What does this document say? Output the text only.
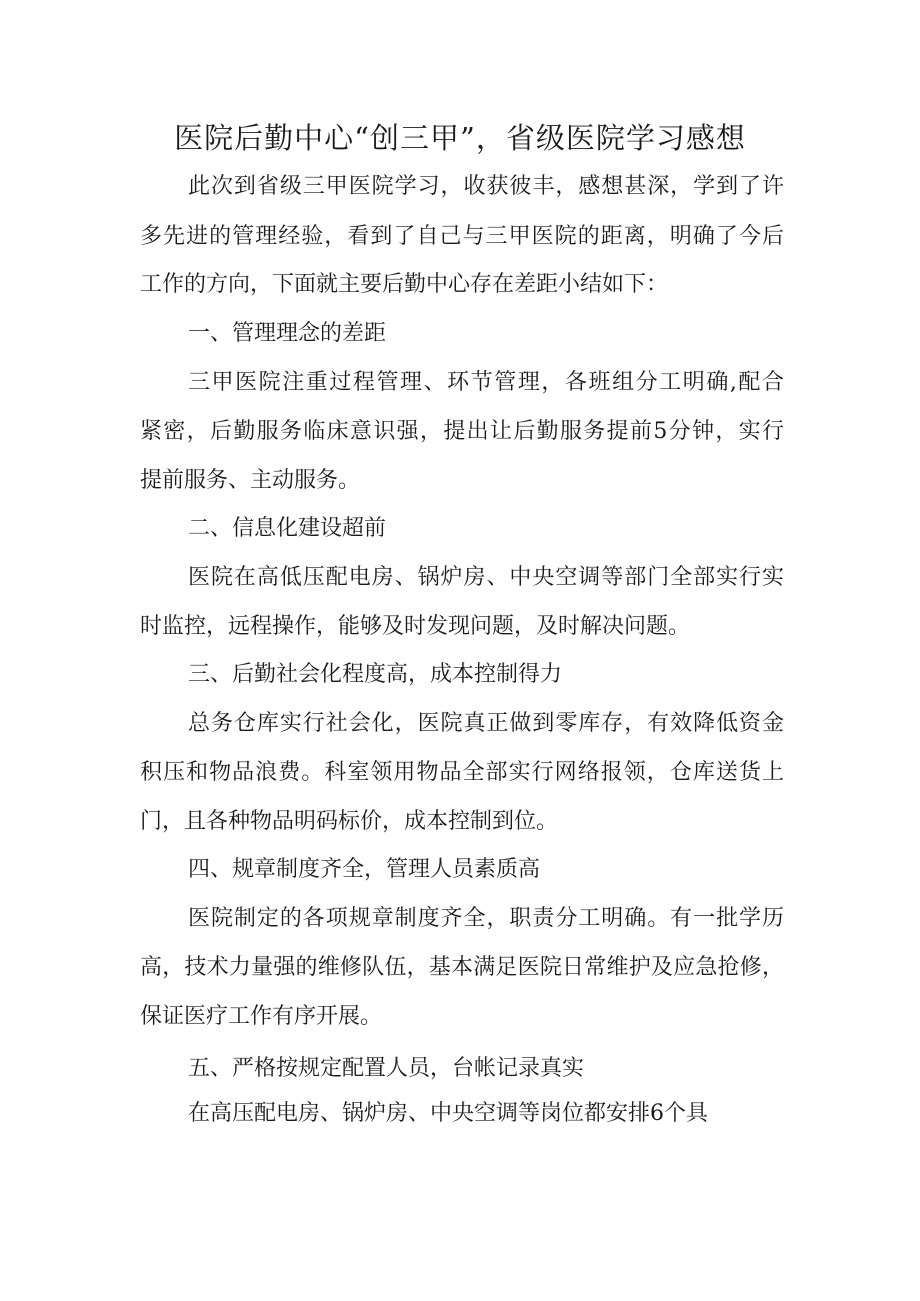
医院后勤中心“创三甲”，省级医院学习感想
此次到省级三甲医院学习，收获彼丰，感想甚深，学到了许
多先进的管理经验，看到了自己与三甲医院的距离，明确了今后
工作的方向，下面就主要后勤中心存在差距小结如下：
一、管理理念的差距
三甲医院注重过程管理、环节管理，各班组分工明确,配合
紧密，后勤服务临床意识强，提出让后勤服务提前5分钟，实行
提前服务、主动服务。
二、信息化建设超前
医院在高低压配电房、锅炉房、中央空调等部门全部实行实
时监控，远程操作，能够及时发现问题，及时解决问题。
三、后勤社会化程度高，成本控制得力
总务仓库实行社会化，医院真正做到零库存，有效降低资金
积压和物品浪费。科室领用物品全部实行网络报领，仓库送货上
门，且各种物品明码标价，成本控制到位。
四、规章制度齐全，管理人员素质高
医院制定的各项规章制度齐全，职责分工明确。有一批学历
高，技术力量强的维修队伍，基本满足医院日常维护及应急抢修，
保证医疗工作有序开展。
五、严格按规定配置人员，台帐记录真实
在高压配电房、锅炉房、中央空调等岗位都安排6个具
